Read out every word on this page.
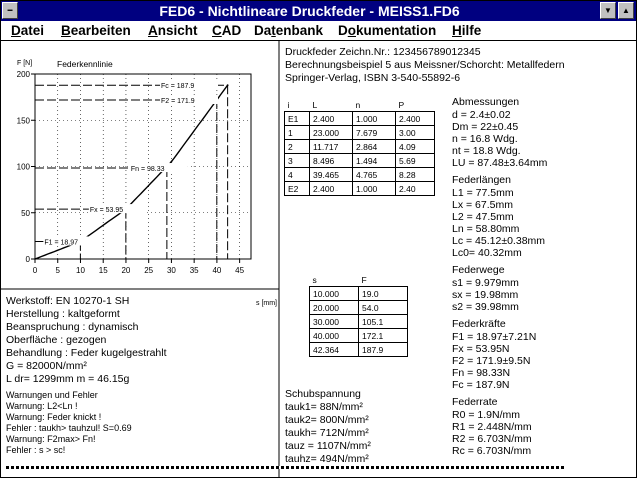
━	FED6 - Nichtlineare Druckfeder - MEISS1.FD6	▼	▲
Datei Bearbeiten Ansicht CAD Datenbank Dokumentation Hilfe
Federkennlinie
F [N]
s [mm]
0
50
100
150
200
0 5 10 15 20 25 30 35 40 45
Fc = 187.9
F2 = 171.9
Fn = 98.33
Fx = 53.95
F1 = 18.97
Werkstoff: EN 10270-1 SH
Herstellung : kaltgeformt
Beanspruchung : dynamisch
Oberfläche : gezogen
Behandlung : Feder kugelgestrahlt
G = 82000N/mm²
L dr= 1299mm m = 46.15g
Warnungen und Fehler
Warnung: L2<Ln !
Warnung: Feder knickt !
Fehler : taukh> tauhzul! S=0.69
Warnung: F2max> Fn!
Fehler : s > sc!
Druckfeder Zeichn.Nr.: 123456789012345
Berechnungsbeispiel 5 aus Meissner/Schorcht: Metallfedern
Springer-Verlag, ISBN 3-540-55892-6
i	L	n	P
E1	2.400	1.000	2.400
1	23.000	7.679	3.00
2	11.717	2.864	4.09
3	8.496	1.494	5.69
4	39.465	4.765	8.28
E2	2.400	1.000	2.40
s	F
10.000	19.0
20.000	54.0
30.000	105.1
40.000	172.1
42.364	187.9
Schubspannung
tauk1= 88N/mm²
tauk2= 800N/mm²
taukh= 712N/mm²
tauz = 1107N/mm²
tauhz= 494N/mm²
Abmessungen
d = 2.4±0.02
Dm = 22±0.45
n = 16.8 Wdg.
nt = 18.8 Wdg.
LU = 87.48±3.64mm
Federlängen
L1 = 77.5mm
Lx = 67.5mm
L2 = 47.5mm
Ln = 58.80mm
Lc = 45.12±0.38mm
Lc0= 40.32mm
Federwege
s1 = 9.979mm
sx = 19.98mm
s2 = 39.98mm
Federkräfte
F1 = 18.97±7.21N
Fx = 53.95N
F2 = 171.9±9.5N
Fn = 98.33N
Fc = 187.9N
Federrate
R0 = 1.9N/mm
R1 = 2.448N/mm
R2 = 6.703N/mm
Rc = 6.703N/mm
